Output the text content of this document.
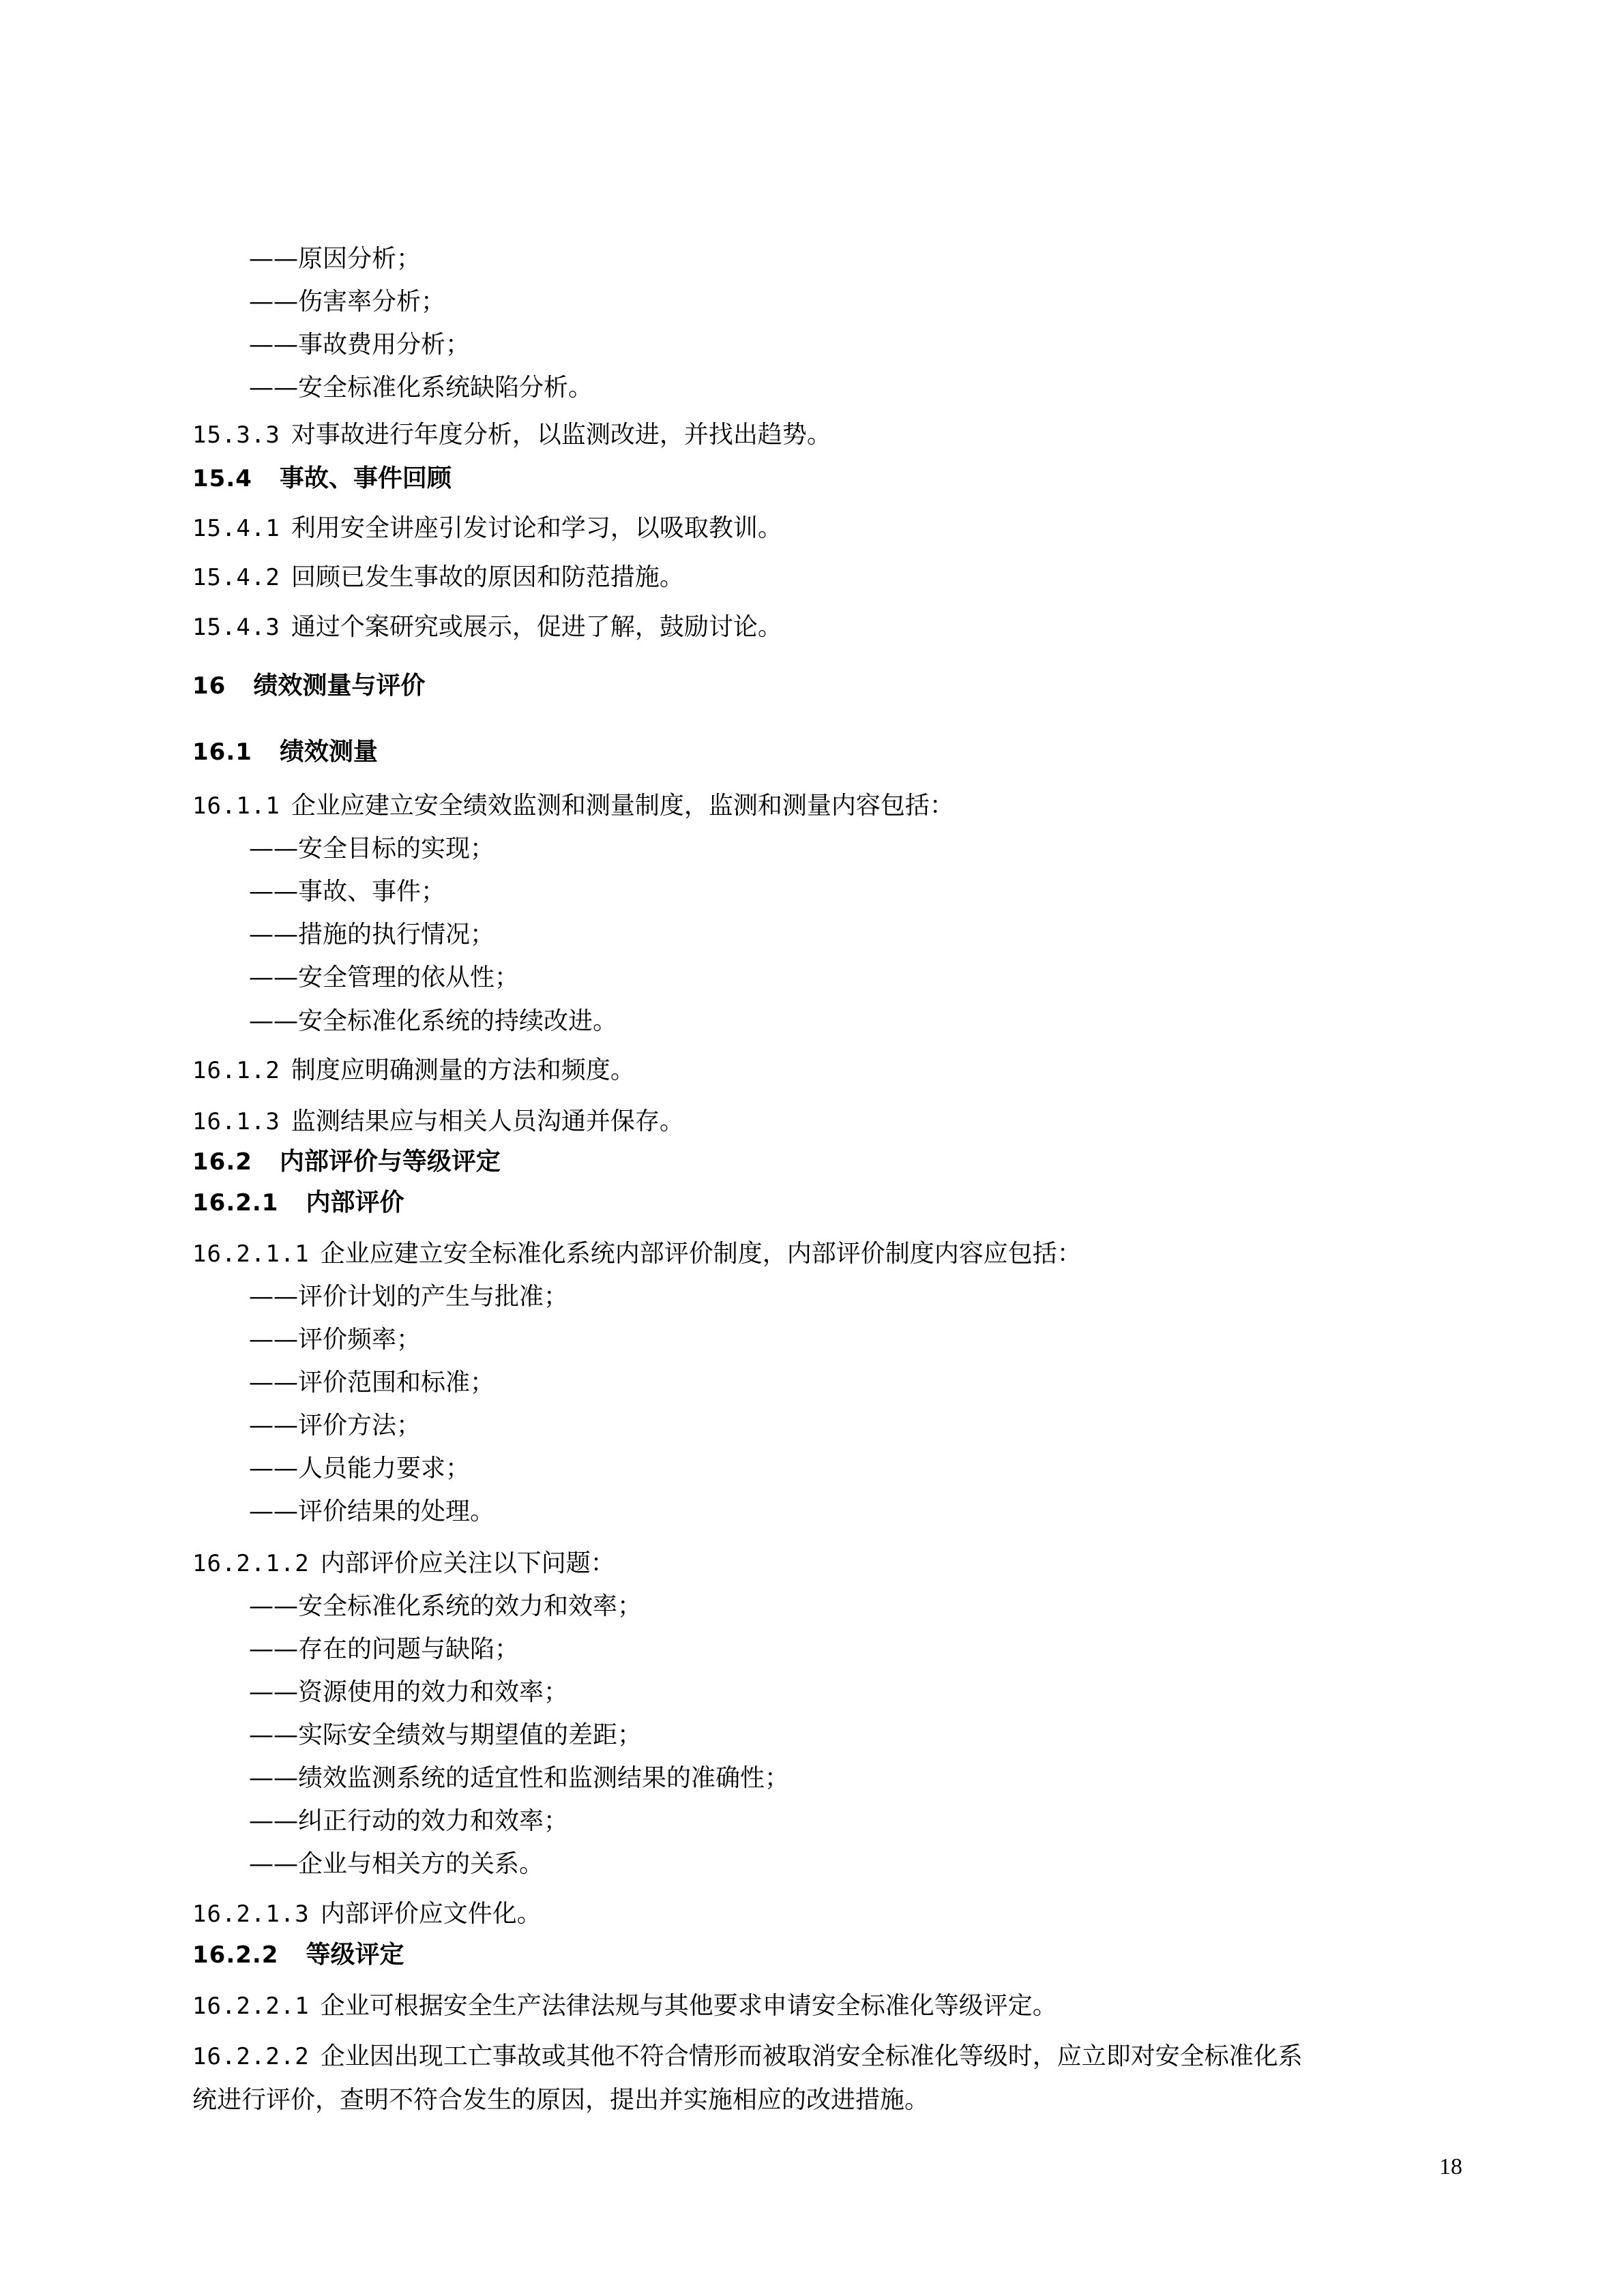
——原因分析；
——伤害率分析；
——事故费用分析；
——安全标准化系统缺陷分析。
15.3.3 对事故进行年度分析，以监测改进，并找出趋势。
15.4 事故、事件回顾
15.4.1 利用安全讲座引发讨论和学习，以吸取教训。
15.4.2 回顾已发生事故的原因和防范措施。
15.4.3 通过个案研究或展示，促进了解，鼓励讨论。
16 绩效测量与评价
16.1 绩效测量
16.1.1 企业应建立安全绩效监测和测量制度，监测和测量内容包括：
——安全目标的实现；
——事故、事件；
——措施的执行情况；
——安全管理的依从性；
——安全标准化系统的持续改进。
16.1.2 制度应明确测量的方法和频度。
16.1.3 监测结果应与相关人员沟通并保存。
16.2 内部评价与等级评定
16.2.1 内部评价
16.2.1.1 企业应建立安全标准化系统内部评价制度，内部评价制度内容应包括：
——评价计划的产生与批准；
——评价频率；
——评价范围和标准；
——评价方法；
——人员能力要求；
——评价结果的处理。
16.2.1.2 内部评价应关注以下问题：
——安全标准化系统的效力和效率；
——存在的问题与缺陷；
——资源使用的效力和效率；
——实际安全绩效与期望值的差距；
——绩效监测系统的适宜性和监测结果的准确性；
——纠正行动的效力和效率；
——企业与相关方的关系。
16.2.1.3 内部评价应文件化。
16.2.2 等级评定
16.2.2.1 企业可根据安全生产法律法规与其他要求申请安全标准化等级评定。
16.2.2.2 企业因出现工亡事故或其他不符合情形而被取消安全标准化等级时，应立即对安全标准化系
统进行评价，查明不符合发生的原因，提出并实施相应的改进措施。
18
